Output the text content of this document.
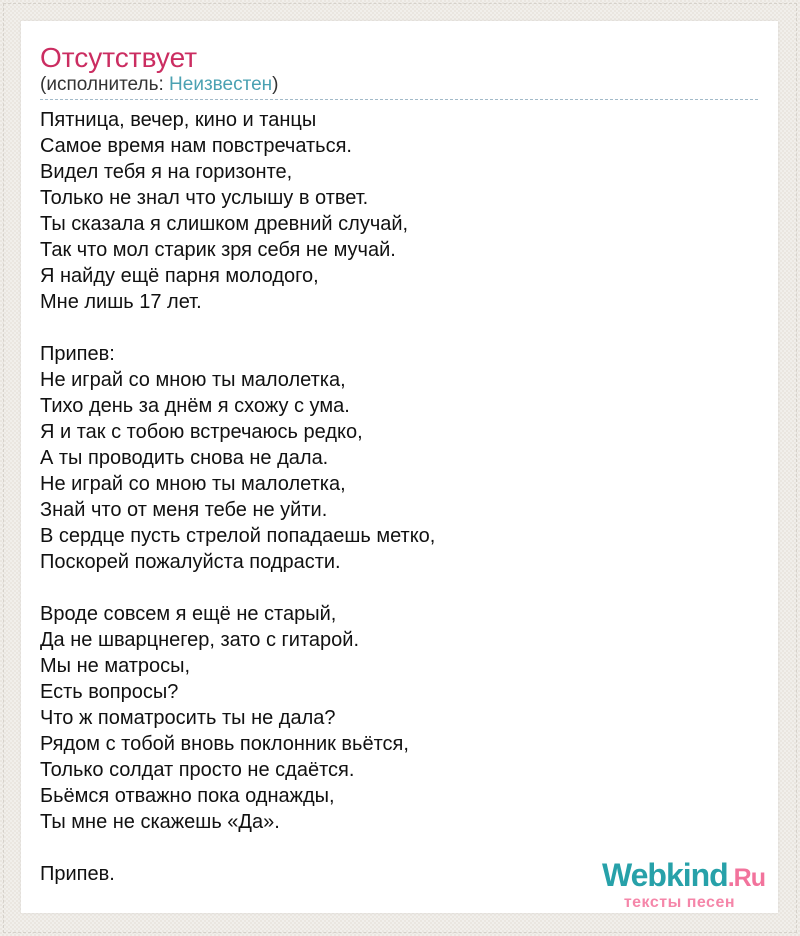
Отсутствует
(исполнитель: Неизвестен)
Пятница, вечер, кино и танцы
Самое время нам повстречаться.
Видел тебя я на горизонте,
Только не знал что услышу в ответ.
Ты сказала я слишком древний случай,
Так что мол старик зря себя не мучай.
Я найду ещё парня молодого,
Мне лишь 17 лет.
Припев:
Не играй со мною ты малолетка,
Тихо день за днём я схожу с ума.
Я и так с тобою встречаюсь редко,
А ты проводить снова не дала.
Не играй со мною ты малолетка,
Знай что от меня тебе не уйти.
В сердце пусть стрелой попадаешь метко,
Поскорей пожалуйста подрасти.
Вроде совсем я ещё не старый,
Да не шварцнегер, зато с гитарой.
Мы не матросы,
Есть вопросы?
Что ж поматросить ты не дала?
Рядом с тобой вновь поклонник вьётся,
Только солдат просто не сдаётся.
Бьёмся отважно пока однажды,
Ты мне не скажешь «Да».
Припев.	Webkind.Ru
тексты песен
